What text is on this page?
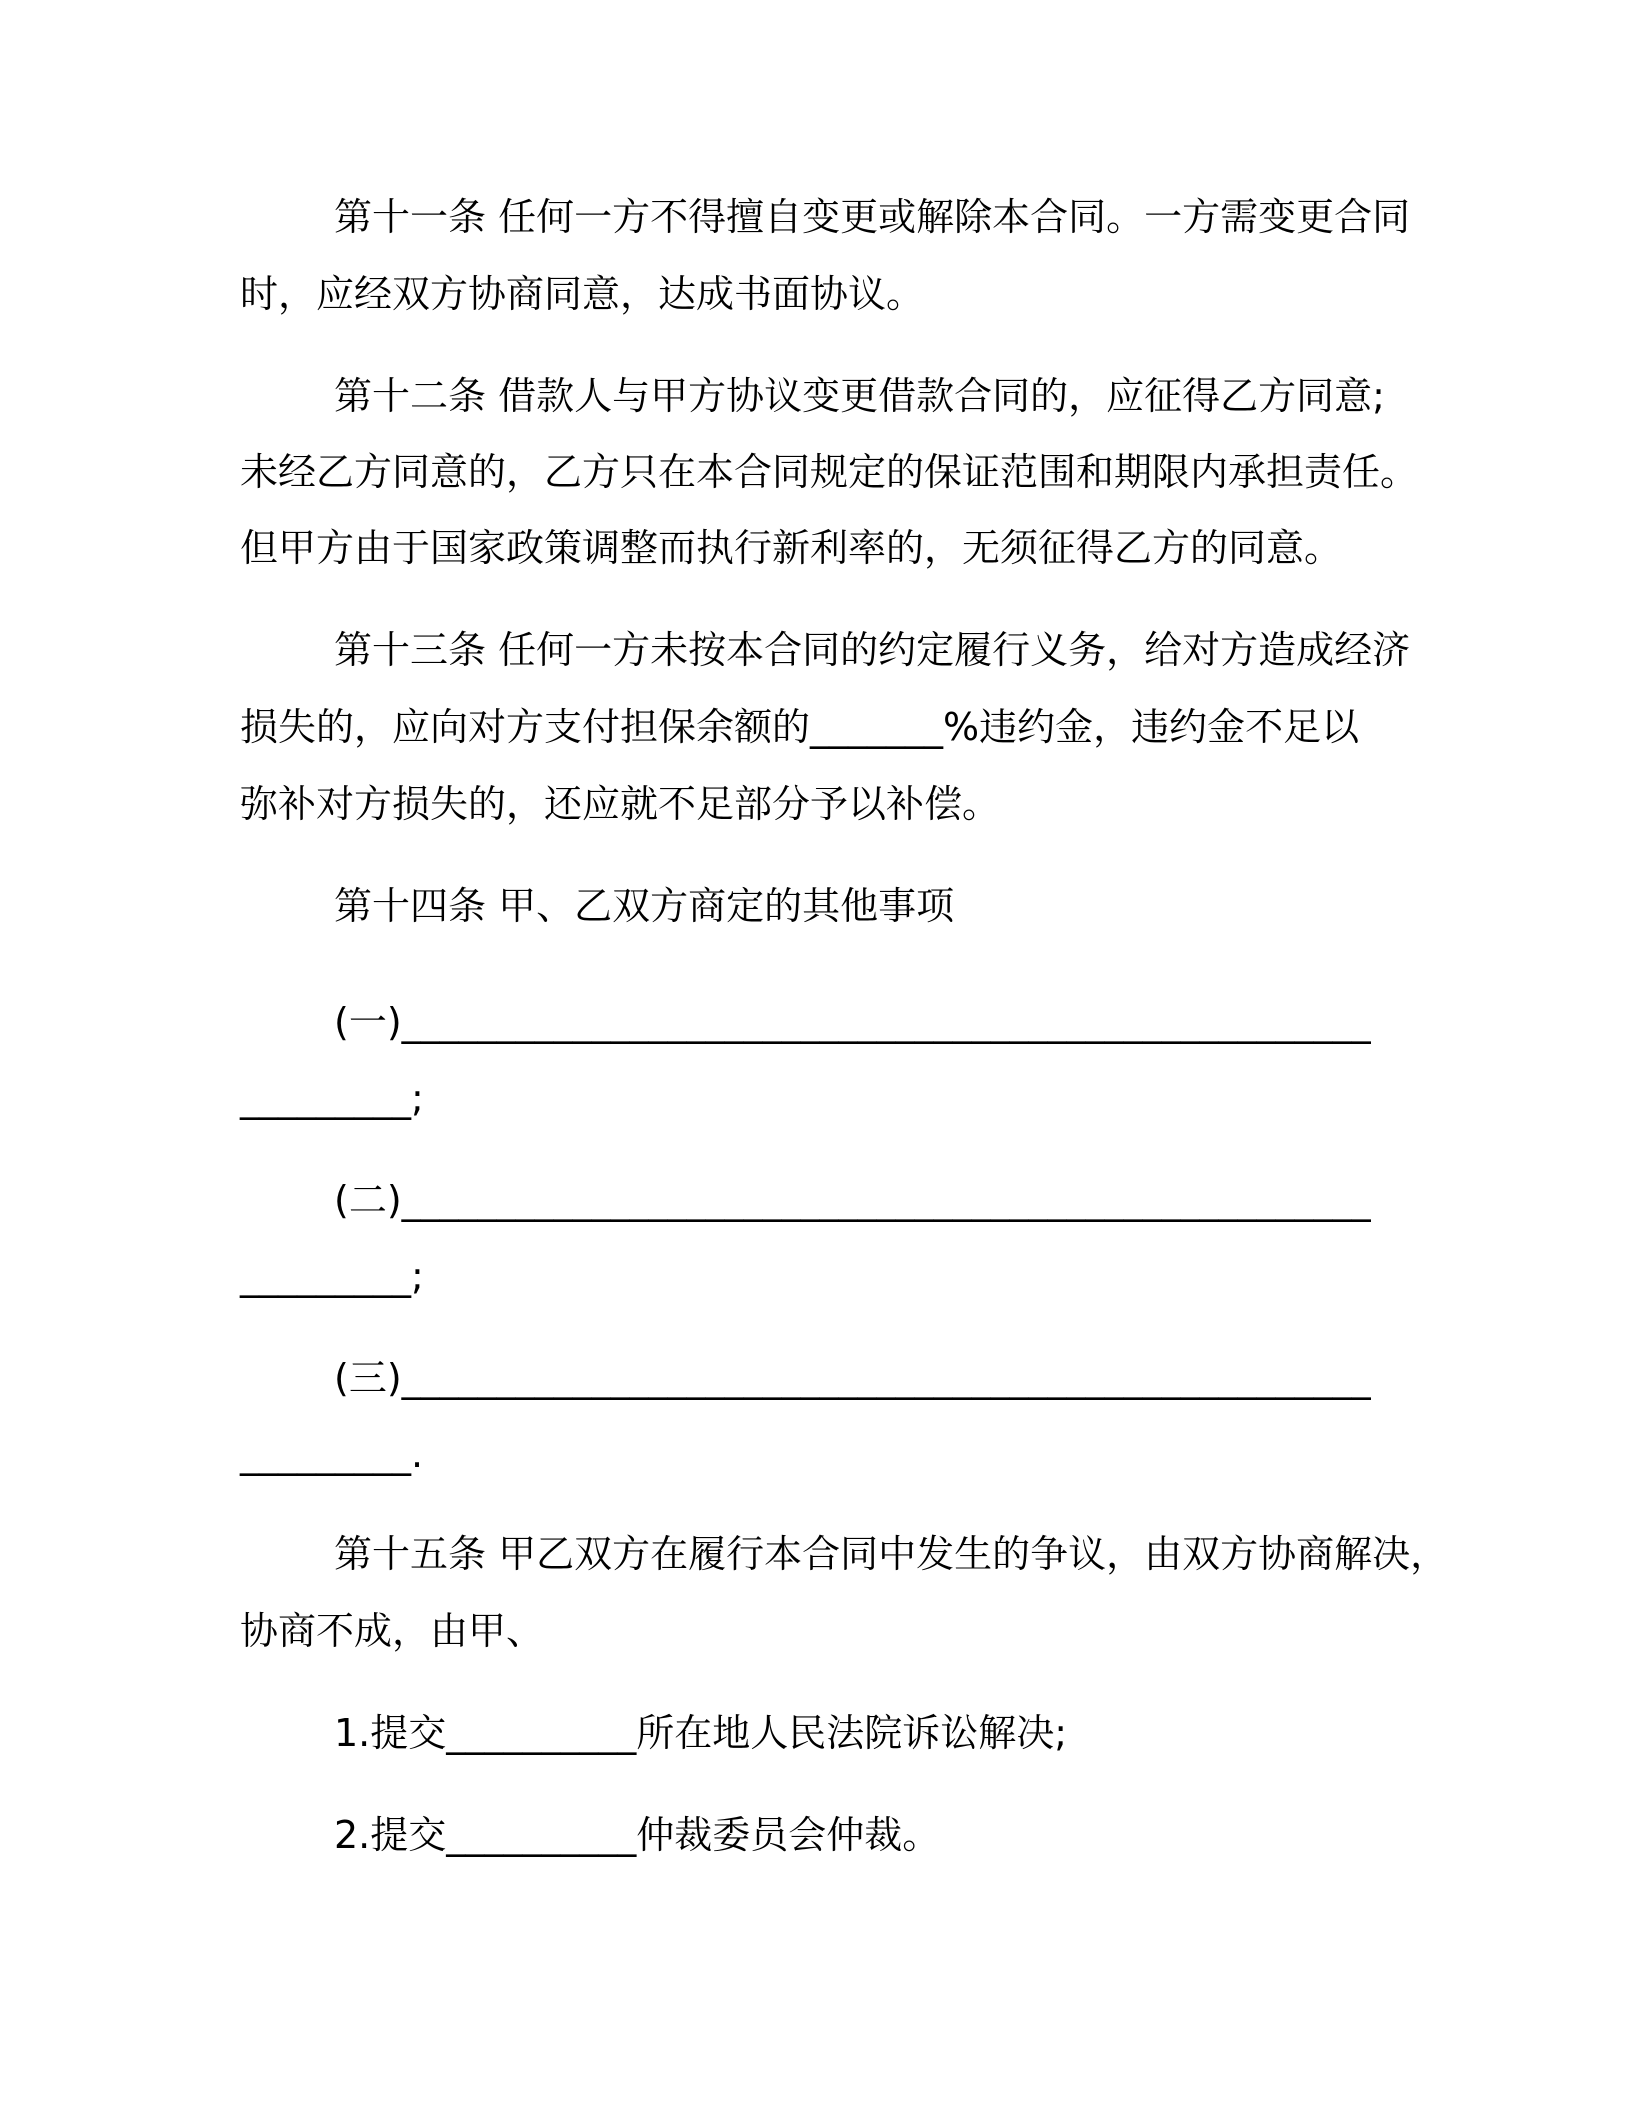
第十一条 任何一方不得擅自变更或解除本合同。一方需变更合同
时，应经双方协商同意，达成书面协议。
第十二条 借款人与甲方协议变更借款合同的，应征得乙方同意;
未经乙方同意的，乙方只在本合同规定的保证范围和期限内承担责任。
但甲方由于国家政策调整而执行新利率的，无须征得乙方的同意。
第十三条 任何一方未按本合同的约定履行义务，给对方造成经济
损失的，应向对方支付担保余额的_______%违约金，违约金不足以
弥补对方损失的，还应就不足部分予以补偿。
第十四条 甲、乙双方商定的其他事项
(一)___________________________________________________
_________;
(二)___________________________________________________
_________;
(三)___________________________________________________
_________.
第十五条 甲乙双方在履行本合同中发生的争议，由双方协商解决，
协商不成，由甲、
1.提交__________所在地人民法院诉讼解决;
2.提交__________仲裁委员会仲裁。
